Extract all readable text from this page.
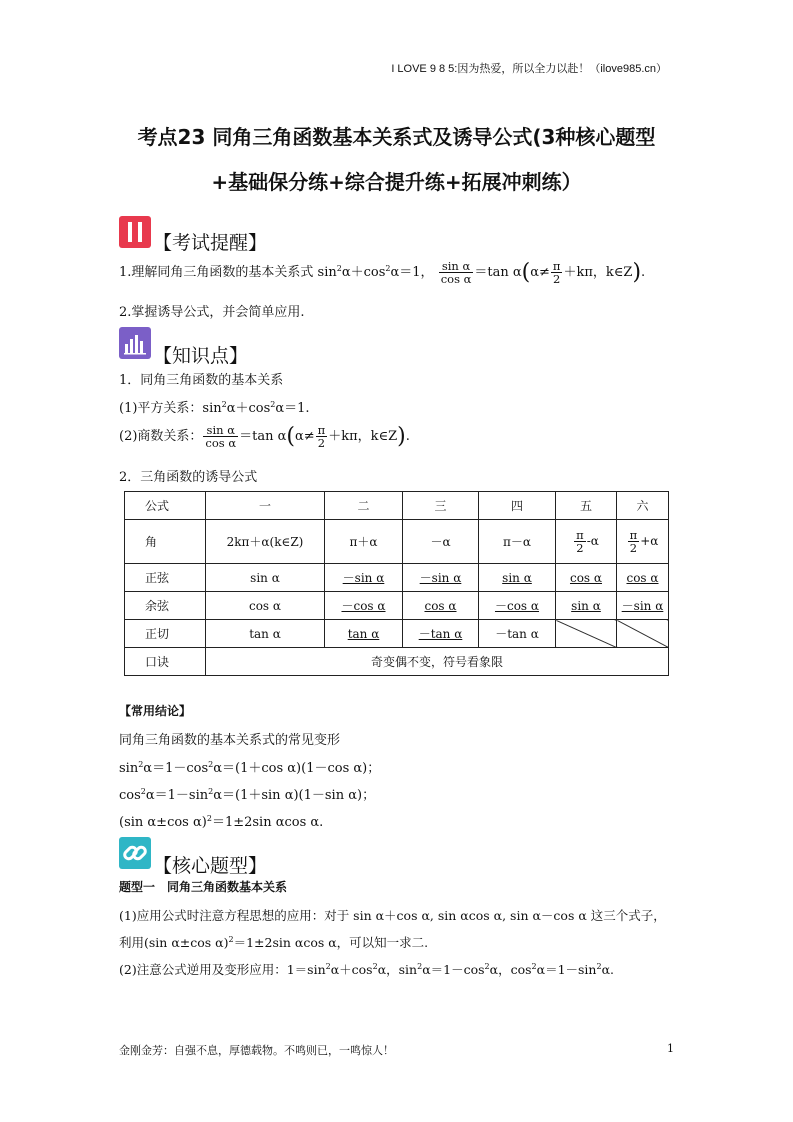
I LOVE 9 8 5:因为热爱，所以全力以赴！（ilove985.cn）
考点23 同角三角函数基本关系式及诱导公式(3种核心题型
+基础保分练+综合提升练+拓展冲刺练）
【考试提醒】
1.理解同角三角函数的基本关系式 $\sin^2\alpha+\cos^2\alpha=1$， $\frac{\text{sin α}}{\text{cos α}} =\tan$ $\alpha(\alpha\ne \frac{\pi}{2} +k\pi$，k∈Z).
2.掌握诱导公式，并会简单应用.
【知识点】
1．同角三角函数的基本关系
(1)平方关系：$\sin^2\alpha+\cos^2\alpha=1$.
(2)商数关系： $\frac{\text{sin α}}{\text{cos α}} =\tan$ $\alpha(\alpha\ne \frac{\pi}{2} +k\pi$，k∈Z).
2．三角函数的诱导公式
公式	一	二	三	四	五	六
角	2kπ＋α(k∈Z)	π＋α	－α	π－α	$\frac{\pi}{2} -\alpha$	$\frac{\pi}{2} +\alpha$
正弦	sin α	－sin α	－sin α	sin α	cos α	cos α
余弦	cos α	－cos α	cos α	－cos α	sin α	－sin α
正切	tan α	tan α	－tan α	－tan α		
口诀	奇变偶不变，符号看象限					
【常用结论】
同角三角函数的基本关系式的常见变形
$\sin^2\alpha=1-\cos^2\alpha=(1+\cos$ α)(1－cos α)；
$\cos^2\alpha=1-\sin^2\alpha=(1+\sin$ α)(1－sin α)；
(sin α±cos α)$^2$＝1±2sin αcos α.
【核心题型】
题型一　同角三角函数基本关系
(1)应用公式时注意方程思想的应用：对于 sin α＋cos α, sin αcos α, sin α－cos α 这三个式子，
利用(sin α±cos α)$^2$＝1±2sin αcos α，可以知一求二.
(2)注意公式逆用及变形应用：$1=\sin^2\alpha+\cos^2\alpha$，$\sin^2\alpha=1-\cos^2\alpha$，$\cos^2\alpha=1-\sin^2\alpha$.
金刚金芳：自强不息，厚德载物。不鸣则已，一鸣惊人！	1
